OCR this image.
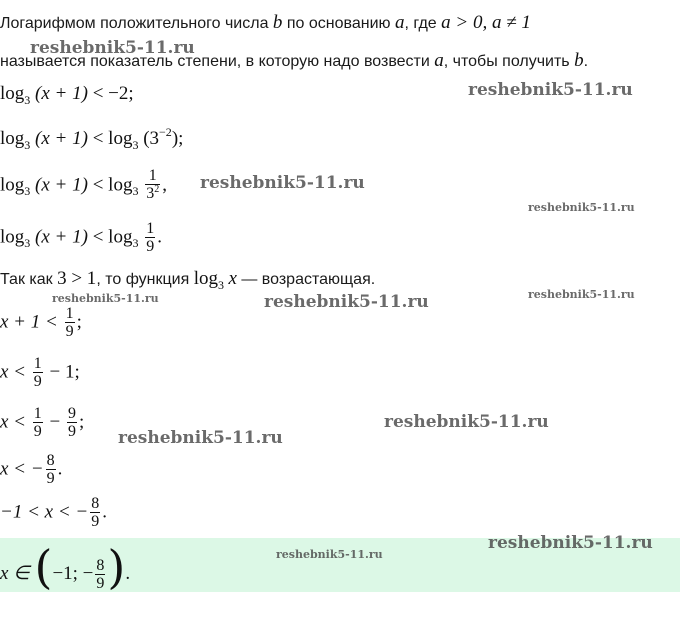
Логарифмом положительного числа b по основанию a, где a > 0, a ≠ 1
называется показатель степени, в которую надо возвести a, чтобы получить b.
$\log_3 (x + 1) < -2$;
$\log_3 (x + 1) < \log_3 (3^{-2})$;
$\log_3 (x + 1) < \log_3 \frac{1}{3^2}$ ,
$\log_3 (x + 1) < \log_3 \frac{1}{9}$ .
Так как 3 > 1, то функция $\log_3 x$ — возрастающая.
$x + 1 < \frac{1}{9}$ ;
$x < \frac{1}{9} - 1$;
$x < \frac{1}{9} - \frac{9}{9}$ ;
x < − $\frac{8}{9}$ .
−1 < x < − $\frac{8}{9}$ .
x ∈ (−1; − $\frac{8}{9}$ ).
reshebnik5-11.ru
reshebnik5-11.ru
reshebnik5-11.ru
reshebnik5-11.ru
reshebnik5-11.ru
reshebnik5-11.ru	reshebnik5-11.ru
reshebnik5-11.ru
reshebnik5-11.ru
reshebnik5-11.ru
reshebnik5-11.ru
